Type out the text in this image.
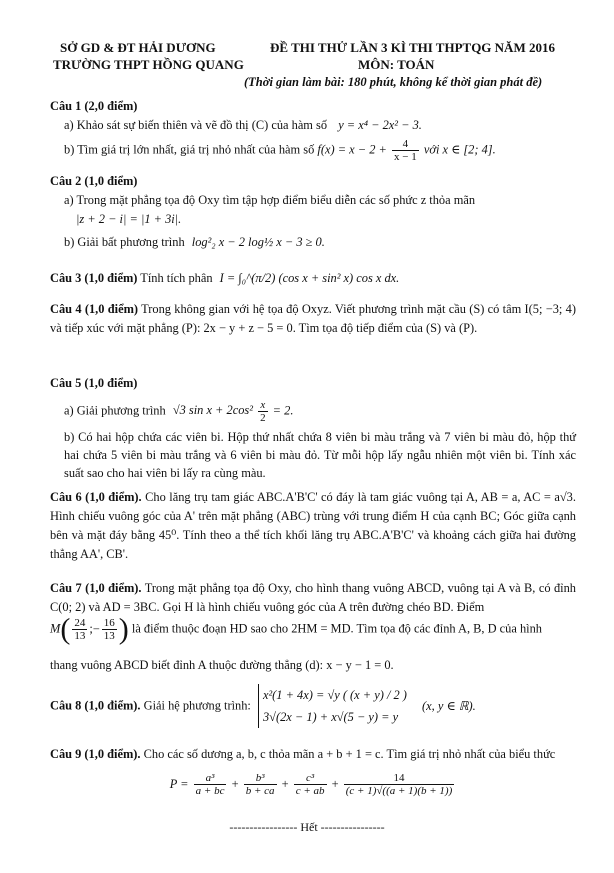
SỞ GD & ĐT HẢI DƯƠNG
TRƯỜNG THPT HỒNG QUANG
ĐỀ THI THỬ LẦN 3 KÌ THI THPTQG NĂM 2016
MÔN: TOÁN
(Thời gian làm bài: 180 phút, không kể thời gian phát đề)
Câu 1 (2,0 điểm)
a) Khảo sát sự biến thiên và vẽ đồ thị (C) của hàm số y = x⁴ − 2x² − 3.
b) Tìm giá trị lớn nhất, giá trị nhỏ nhất của hàm số $f(x) = x - 2 + \frac{4}{x - 1}$ với x ∈ [2; 4].
Câu 2 (1,0 điểm)
a) Trong mặt phẳng tọa độ Oxy tìm tập hợp điểm biểu diễn các số phức z thỏa mãn
|z + 2 − i| = |1 + 3i|.
b) Giải bất phương trình log²₂ x − 2 log½ x − 3 ≥ 0.
Câu 3 (1,0 điểm) Tính tích phân I = ∫₀^(π/2) (cos x + sin² x) cos x dx.
Câu 4 (1,0 điểm) Trong không gian với hệ tọa độ Oxyz. Viết phương trình mặt cầu (S) có tâm I(5; −3; 4) và tiếp xúc với mặt phẳng (P): 2x − y + z − 5 = 0. Tìm tọa độ tiếp điểm của (S) và (P).
Câu 5 (1,0 điểm)
a) Giải phương trình √3 $\sin x + 2\cos^2 \frac{x}{2} = 2$.
b) Có hai hộp chứa các viên bi. Hộp thứ nhất chứa 8 viên bi màu trắng và 7 viên bi màu đỏ, hộp thứ hai chứa 5 viên bi màu trắng và 6 viên bi màu đỏ. Từ mỗi hộp lấy ngẫu nhiên một viên bi. Tính xác suất sao cho hai viên bi lấy ra cùng màu.
Câu 6 (1,0 điểm). Cho lăng trụ tam giác ABC.A'B'C' có đáy là tam giác vuông tại A, AB = a, AC = a√3. Hình chiếu vuông góc của A' trên mặt phẳng (ABC) trùng với trung điểm H của cạnh BC; Góc giữa cạnh bên và mặt đáy bằng 45⁰. Tính theo a thể tích khối lăng trụ ABC.A'B'C' và khoảng cách giữa hai đường thẳng AA', CB'.
Câu 7 (1,0 điểm). Trong mặt phẳng tọa độ Oxy, cho hình thang vuông ABCD, vuông tại A và B, có đỉnh C(0; 2) và AD = 3BC. Gọi H là hình chiếu vuông góc của A trên đường chéo BD. Điểm
$M( \frac{24}{13}$ ;− $\frac{16}{13}$ ) là điểm thuộc đoạn HD sao cho 2HM = MD. Tìm tọa độ các đỉnh A, B, D của hình
thang vuông ABCD biết đỉnh A thuộc đường thẳng (d): x − y − 1 = 0.
Câu 8 (1,0 điểm). Giải hệ phương trình:
x²(1 + 4x) = √y ( (x + y) / 2 )
3√(2x − 1) + x√(5 − y) = y
(x, y ∈ ℝ).
Câu 9 (1,0 điểm). Cho các số dương a, b, c thỏa mãn a + b + 1 = c. Tìm giá trị nhỏ nhất của biểu thức
$P = \frac{\text{a³}}{a + bc} + \frac{\text{b³}}{b + ca} + \frac{\text{c³}}{c + ab} + \frac{14}{(c + 1)√((a + 1)(b + 1))}$
----------------- Hết ----------------
